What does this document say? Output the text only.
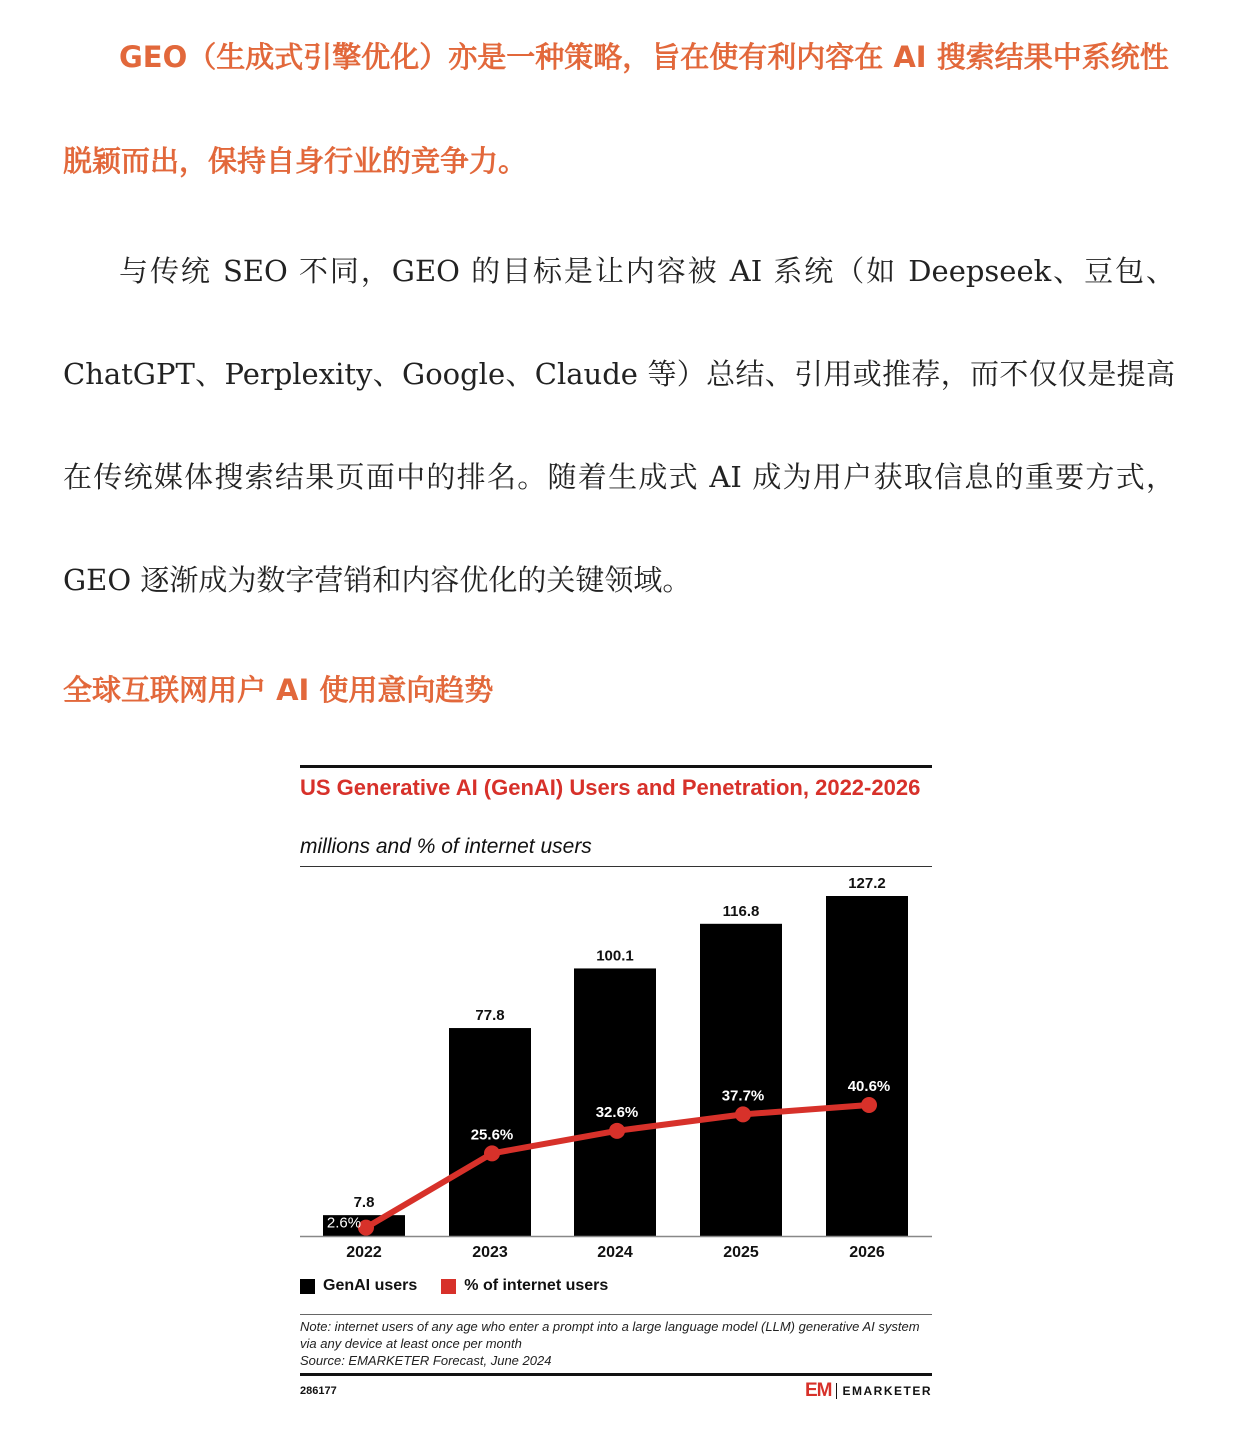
GEO（生成式引擎优化）亦是一种策略，旨在使有利内容在 AI 搜索结果中系统性脱颖而出，保持自身行业的竞争力。

与传统 SEO 不同，GEO 的目标是让内容被 AI 系统（如 Deepseek、豆包、ChatGPT、Perplexity、Google、Claude 等）总结、引用或推荐，而不仅仅是提高在传统媒体搜索结果页面中的排名。随着生成式 AI 成为用户获取信息的重要方式，GEO 逐渐成为数字营销和内容优化的关键领域。

全球互联网用户 AI 使用意向趋势
US Generative AI (GenAI) Users and Penetration, 2022-2026
millions and % of internet users
7.8
77.8
100.1
116.8
127.2
2022	2023	2024	2025	2026
2.6%
25.6%
32.6%
37.7%
40.6%
GenAI users	% of internet users
Note: internet users of any age who enter a prompt into a large language model (LLM) generative AI system via any device at least once per month
Source: EMARKETER Forecast, June 2024
286177	EM EMARKETER
